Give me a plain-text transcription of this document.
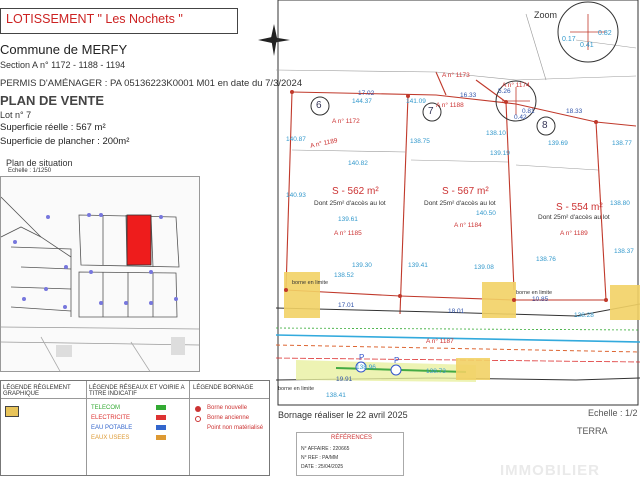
LOTISSEMENT " Les Nochets "
Commune de MERFY
Section A n° 1172 - 1188 - 1194
PERMIS D'AMÉNAGER : PA 05136223K0001 M01 en date du 7/3/2024
PLAN DE VENTE
Lot n° 7
Superficie réelle : 567 m²
Superficie de plancher : 200m²
Plan de situation
Echelle : 1/1250
LÉGENDE RÈGLEMENT GRAPHIQUE
LÉGENDE RÉSEAUX ET VOIRIE A TITRE INDICATIF
LÉGENDE BORNAGE
TELECOM
ELECTRICITE
EAU POTABLE
EAUX USEES
Borne nouvelle
Borne ancienne
Point non matérialisé
P	P
Zoom
0.17
0.82
0.41
6
7
8
S - 562 m²
Dont 25m² d'accès au lot
A n° 1185
S - 567 m²
Dont 25m² d'accès au lot
A n° 1184
S - 554 m²
Dont 25m² d'accès au lot
A n° 1189
A n° 1172
A n° 1173
A n° 1174
A n° 1188
A n° 1187
A n° 1189
144.37	141.09
140.87
138.10
140.93
139.69
138.75
139.19
138.77
138.80
140.82
140.50
139.61
139.41
139.30	139.08
138.76
138.37
138.52
138.28
138.96
138.73
138.41
17.02	16.33
18.33
5.26
0.81
17.01
18.01
19.91
10.85
0.42
borne en limite
borne en limite
borne en limite
Bornage réaliser le 22 avril 2025	Echelle : 1/2
TERRA
RÉFÉRENCES
N° AFFAIRE : 220665
N° REF : PA/MM
DATE : 25/04/2025	IMMOBILIER
